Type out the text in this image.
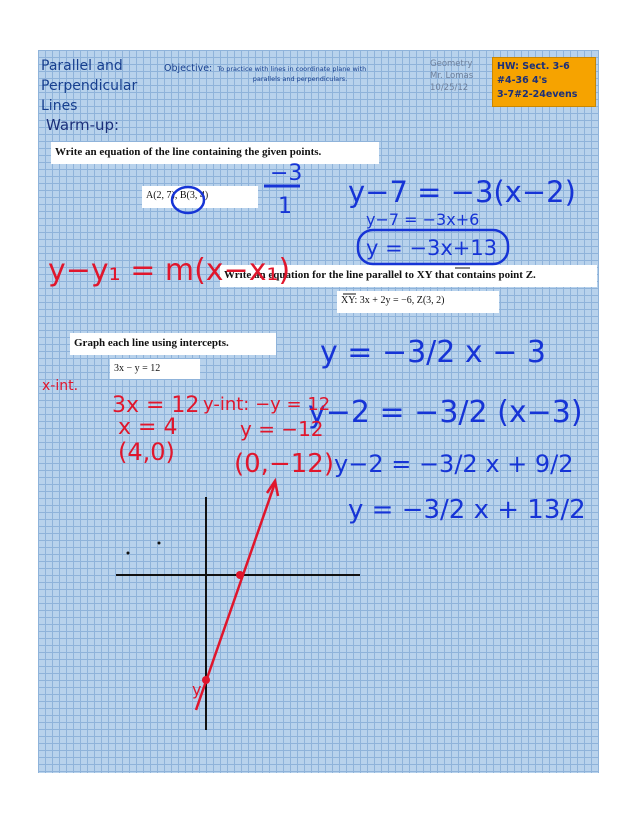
Parallel and
Perpendicular
Lines
Objective: To practice with lines in coordinate plane with
parallels and perpendiculars.
Geometry
Mr. Lomas
10/25/12
HW: Sect. 3-6
#4-36 4's
3-7#2-24evens
Warm-up:
Write an equation of the line containing the given points.
A(2, 7), B(3, 4)
Write an equation for the line parallel to XY that contains point Z.
XY: 3x + 2y = −6, Z(3, 2)
Graph each line using intercepts.
3x − y = 12
−3
1 y−7 = −3(x−2)
y−7 = −3x+6
y = −3x+13
y−y₁ = m(x−x₁)
y = −3/2 x − 3
y−2 = −3/2 (x−3)
y−2 = −3/2 x + 9/2
y = −3/2 x + 13/2
x-int.
3x = 12
x = 4
(4,0)
y-int: −y = 12
y = −12
(0,−12)
y
